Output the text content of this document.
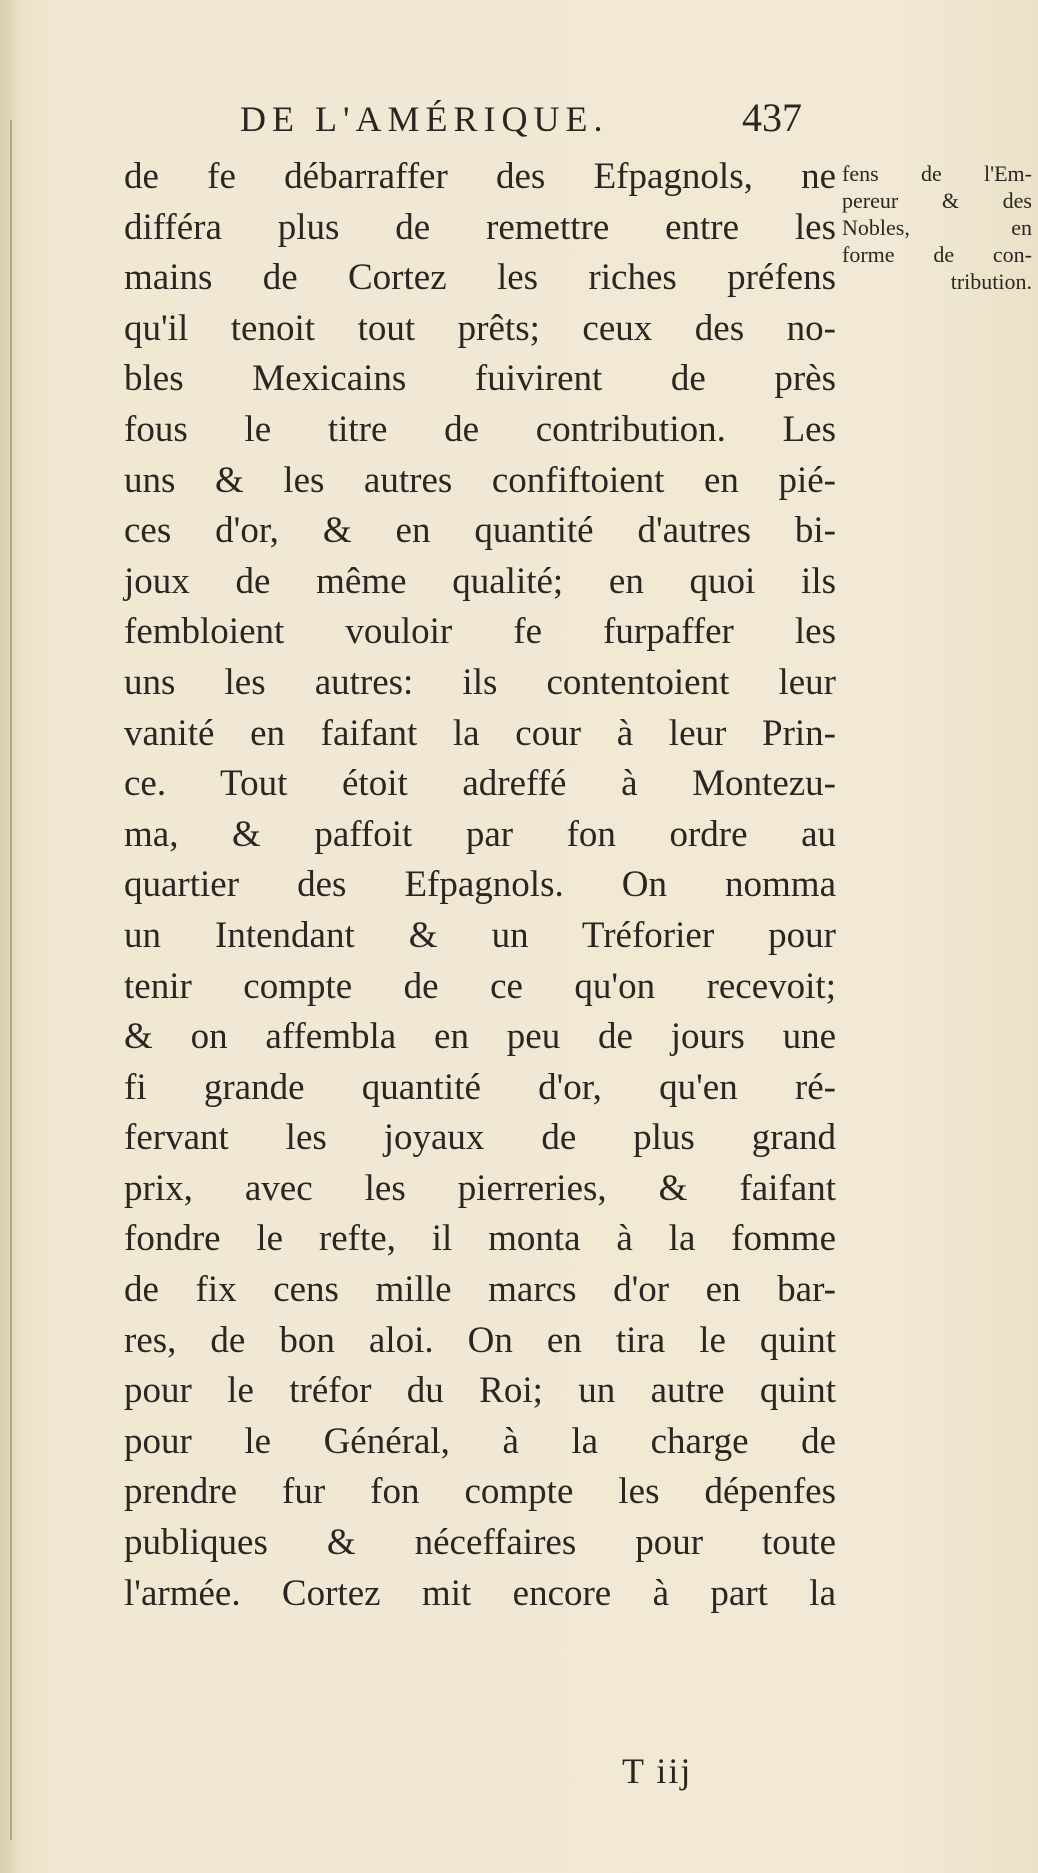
DE L'AMÉRIQUE.	437
de fe débarraffer des Efpagnols, ne
différa plus de remettre entre les
mains de Cortez les riches préfens
qu'il tenoit tout prêts; ceux des no-
bles Mexicains fuivirent de près
fous le titre de contribution. Les
uns & les autres confiftoient en pié-
ces d'or, & en quantité d'autres bi-
joux de même qualité; en quoi ils
fembloient vouloir fe furpaffer les
uns les autres: ils contentoient leur
vanité en faifant la cour à leur Prin-
ce. Tout étoit adreffé à Montezu-
ma, & paffoit par fon ordre au
quartier des Efpagnols. On nomma
un Intendant & un Tréforier pour
tenir compte de ce qu'on recevoit;
& on affembla en peu de jours une
fi grande quantité d'or, qu'en ré-
fervant les joyaux de plus grand
prix, avec les pierreries, & faifant
fondre le refte, il monta à la fomme
de fix cens mille marcs d'or en bar-
res, de bon aloi. On en tira le quint
pour le tréfor du Roi; un autre quint
pour le Général, à la charge de
prendre fur fon compte les dépenfes
publiques & néceffaires pour toute
l'armée. Cortez mit encore à part la
fens de l'Em-
pereur & des
Nobles, en
forme de con-
tribution.
T iij
